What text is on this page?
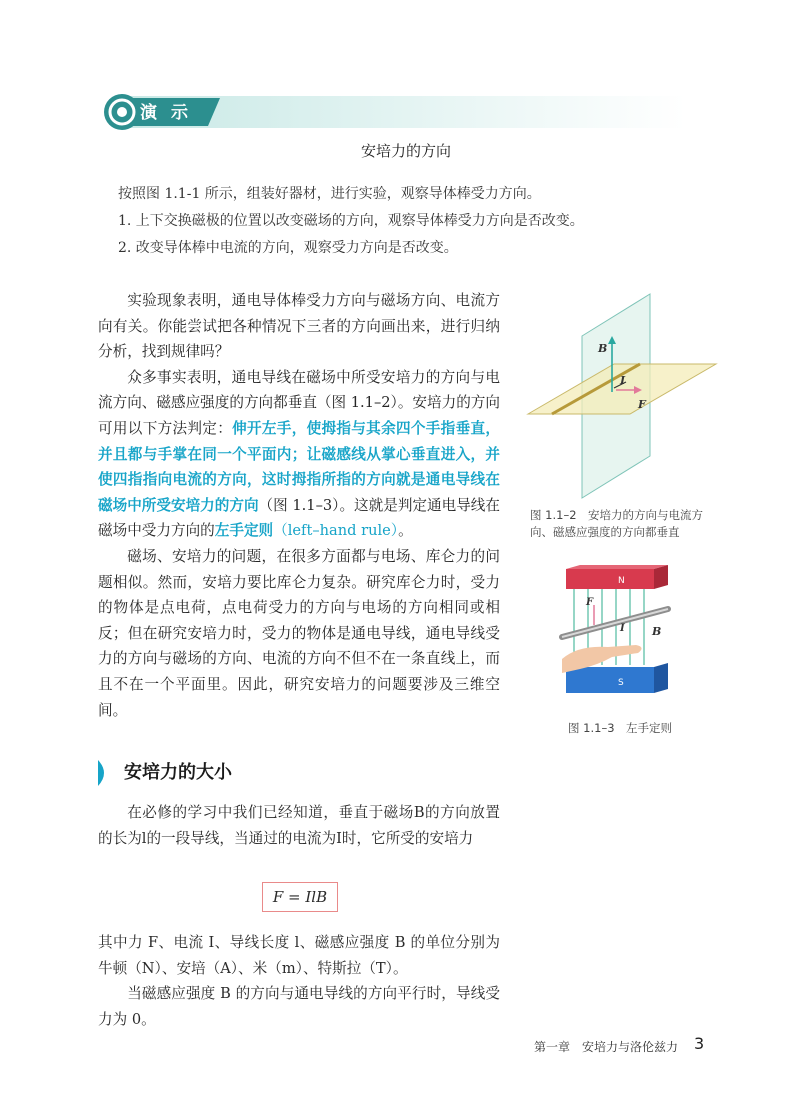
演示
安培力的方向
按照图 1.1-1 所示，组装好器材，进行实验，观察导体棒受力方向。
1. 上下交换磁极的位置以改变磁场的方向，观察导体棒受力方向是否改变。
2. 改变导体棒中电流的方向，观察受力方向是否改变。

实验现象表明，通电导体棒受力方向与磁场方向、电流方向有关。你能尝试把各种情况下三者的方向画出来，进行归纳分析，找到规律吗？

众多事实表明，通电导线在磁场中所受安培力的方向与电流方向、磁感应强度的方向都垂直（图 1.1–2）。安培力的方向可用以下方法判定：伸开左手，使拇指与其余四个手指垂直，并且都与手掌在同一个平面内；让磁感线从掌心垂直进入，并使四指指向电流的方向，这时拇指所指的方向就是通电导线在磁场中所受安培力的方向（图 1.1–3）。这就是判定通电导线在磁场中受力方向的左手定则（left–hand rule）。

磁场、安培力的问题，在很多方面都与电场、库仑力的问题相似。然而，安培力要比库仑力复杂。研究库仑力时，受力的物体是点电荷，点电荷受力的方向与电场的方向相同或相反；但在研究安培力时，受力的物体是通电导线，通电导线受力的方向与磁场的方向、电流的方向不但不在一条直线上，而且不在一个平面里。因此，研究安培力的问题要涉及三维空间。

安培力的大小

在必修的学习中我们已经知道，垂直于磁场B的方向放置的长为l的一段导线，当通过的电流为I时，它所受的安培力

F = IlB

其中力 F、电流 I、导线长度 l、磁感应强度 B 的单位分别为牛顿（N）、安培（A）、米（m）、特斯拉（T）。

当磁感应强度 B 的方向与通电导线的方向平行时，导线受力为 0。

B
I
F
图 1.1–2　安培力的方向与电流方向、磁感应强度的方向都垂直
N
S
F
I B
图 1.1–3　左手定则
第一章　安培力与洛伦兹力 3
